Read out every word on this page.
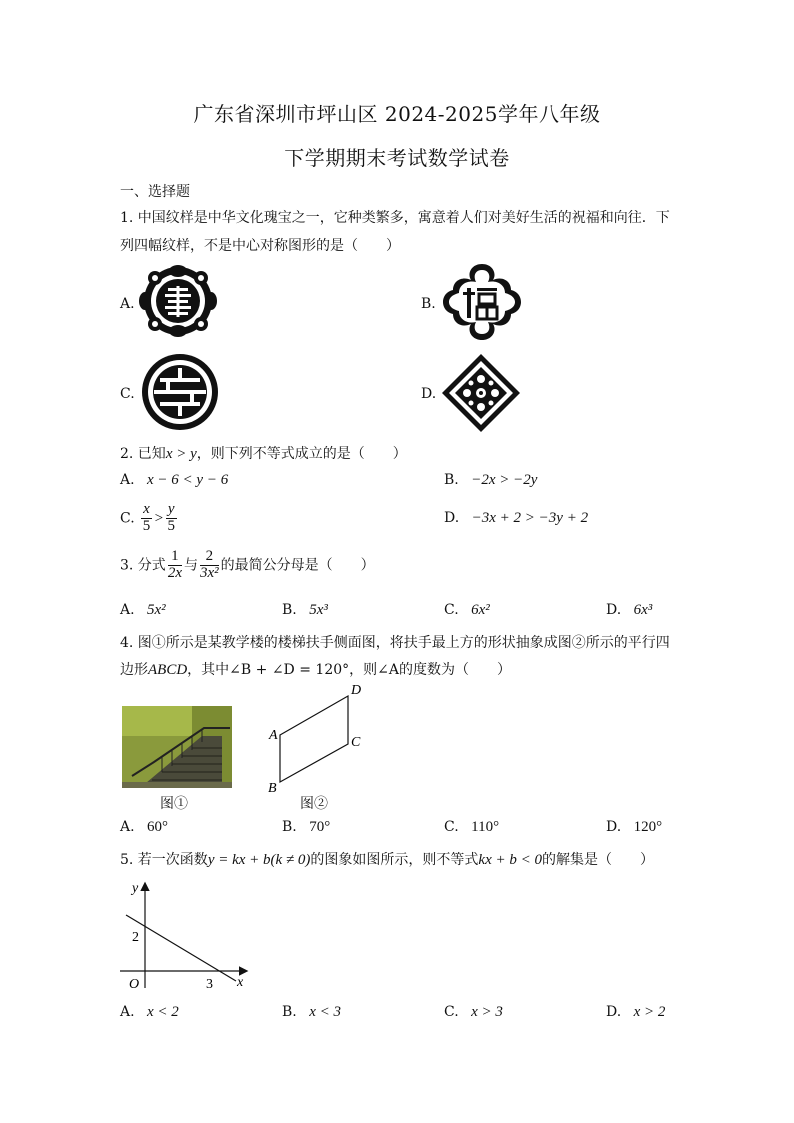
广东省深圳市坪山区 2024-2025学年八年级
下学期期末考试数学试卷
一、选择题
1. 中国纹样是中华文化瑰宝之一，它种类繁多，寓意着人们对美好生活的祝福和向往．下
列四幅纹样，不是中心对称图形的是（　　）
A.	B.
C.	D.
2. 已知x > y，则下列不等式成立的是（　　）
A. x − 6 < y − 6	B. −2x > −2y
C. $\frac{x}{5} > \frac{y}{5}$	D. −3x + 2 > −3y + 2
3. 分式 $\frac{1}{2x}$ 与 $\frac{2}{\text{3x²}}$ 的最简公分母是（　　）
A. 5x²	B. 5x³	C. 6x²	D. 6x³
4. 图①所示是某教学楼的楼梯扶手侧面图，将扶手最上方的形状抽象成图②所示的平行四
边形ABCD，其中∠B + ∠D = 120°，则∠A的度数为（　　）
图①
D
A	C
B
图②
A. 60°	B. 70°	C. 110°	D. 120°
5. 若一次函数y = kx + b(k ≠ 0)的图象如图所示，则不等式kx + b < 0的解集是（　　）
y
x
O
2
3
A. x < 2	B. x < 3	C. x > 3	D. x > 2
